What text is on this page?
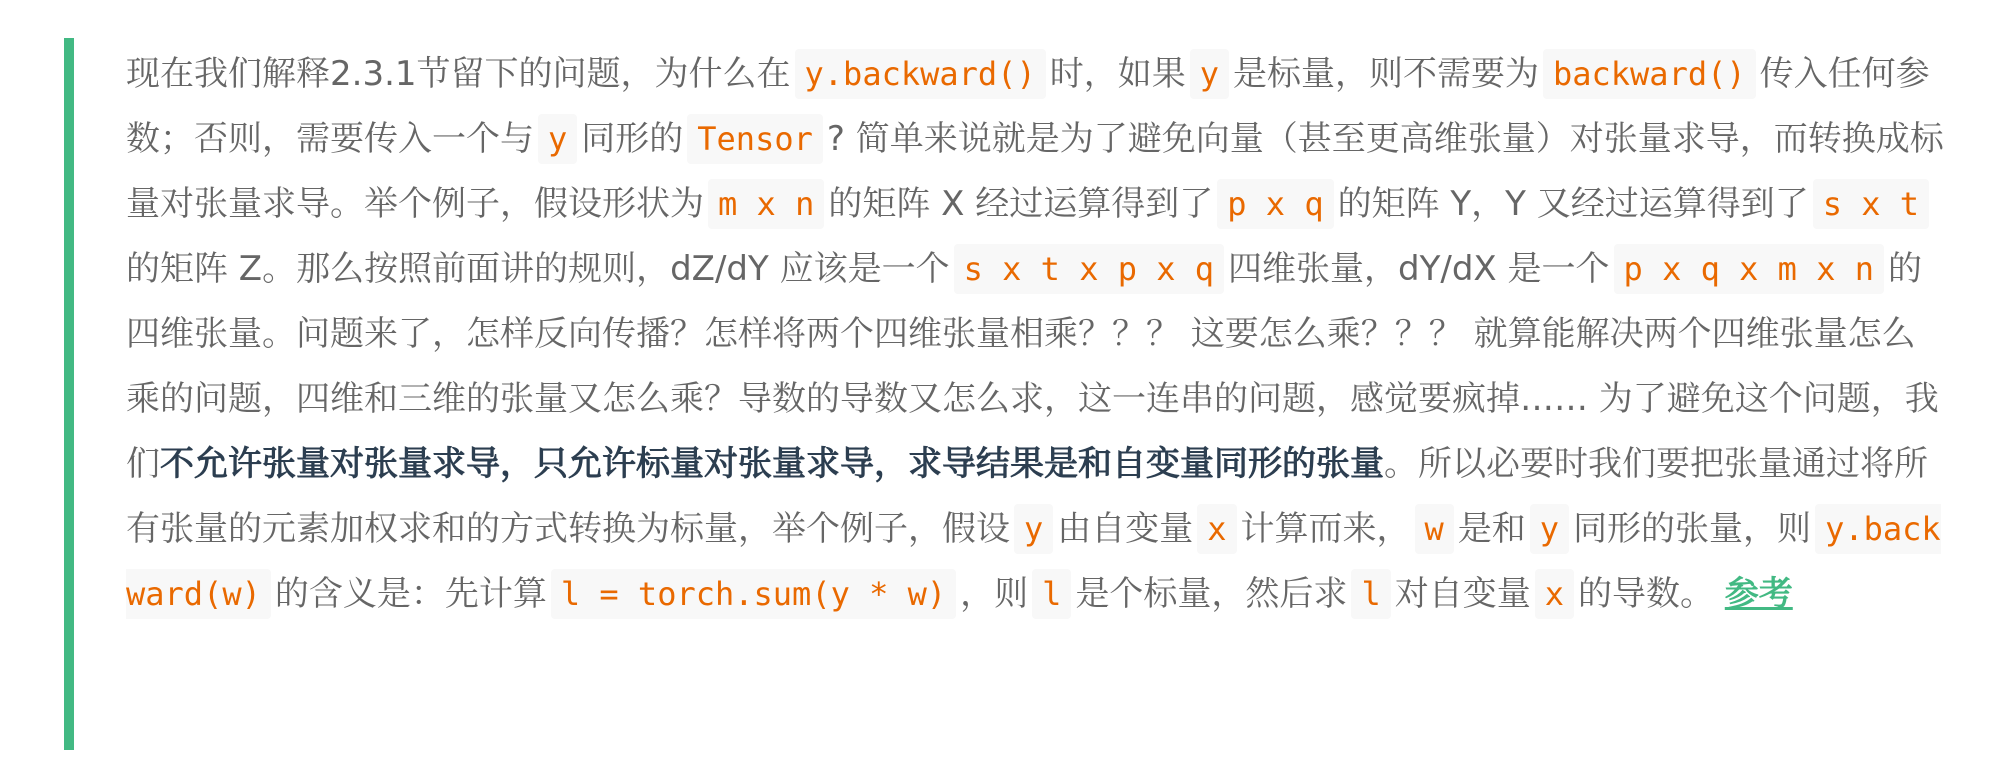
现在我们解释2.3.1节留下的问题，为什么在 y.backward() 时，如果 y 是标量，则不需要为 backward() 传入任何参数；否则，需要传入一个与 y 同形的 Tensor ? 简单来说就是为了避免向量（甚至更高维张量）对张量求导，而转换成标量对张量求导。举个例子，假设形状为 m x n 的矩阵 X 经过运算得到了 p x q 的矩阵 Y，Y 又经过运算得到了 s x t的矩阵 Z。那么按照前面讲的规则，dZ/dY 应该是一个 s x t x p x q 四维张量，dY/dX 是一个 p x q x m x n 的四维张量。问题来了，怎样反向传播？怎样将两个四维张量相乘？？？ 这要怎么乘？？？ 就算能解决两个四维张量怎么乘的问题，四维和三维的张量又怎么乘？导数的导数又怎么求，这一连串的问题，感觉要疯掉…… 为了避免这个问题，我们不允许张量对张量求导，只允许标量对张量求导，求导结果是和自变量同形的张量。所以必要时我们要把张量通过将所有张量的元素加权求和的方式转换为标量，举个例子，假设 y 由自变量 x 计算而来， w 是和 y 同形的张量，则 y.backward(w) 的含义是：先计算 l = torch.sum(y * w) ，则 l 是个标量，然后求 l 对自变量 x 的导数。 参考
